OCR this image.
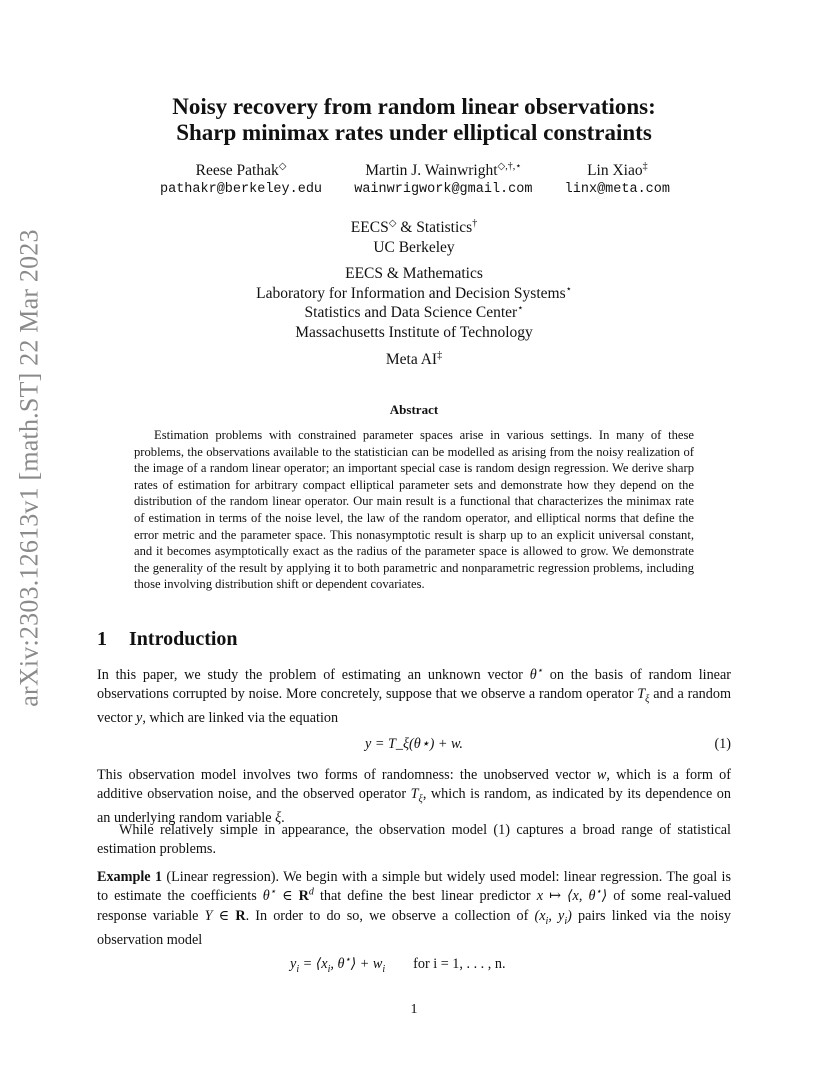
arXiv:2303.12613v1 [math.ST] 22 Mar 2023
Noisy recovery from random linear observations:
Sharp minimax rates under elliptical constraints
Reese Pathak◇
pathakr@berkeley.edu
Martin J. Wainwright◇,†,⋆
wainwrigwork@gmail.com
Lin Xiao‡
linx@meta.com
EECS◇ & Statistics†
UC Berkeley
EECS & Mathematics
Laboratory for Information and Decision Systems⋆
Statistics and Data Science Center⋆
Massachusetts Institute of Technology
Meta AI‡
Abstract

Estimation problems with constrained parameter spaces arise in various settings. In many of these problems, the observations available to the statistician can be modelled as arising from the noisy realization of the image of a random linear operator; an important special case is random design regression. We derive sharp rates of estimation for arbitrary compact elliptical parameter sets and demonstrate how they depend on the distribution of the random linear operator. Our main result is a functional that characterizes the minimax rate of estimation in terms of the noise level, the law of the random operator, and elliptical norms that define the error metric and the parameter space. This nonasymptotic result is sharp up to an explicit universal constant, and it becomes asymptotically exact as the radius of the parameter space is allowed to grow. We demonstrate the generality of the result by applying it to both parametric and nonparametric regression problems, including those involving distribution shift or dependent covariates.

1 Introduction

In this paper, we study the problem of estimating an unknown vector θ⋆ on the basis of random linear observations corrupted by noise. More concretely, suppose that we observe a random operator $T_\xi$ and a random vector y, which are linked via the equation

y = T_ξ(θ⋆) + w.	(1)

This observation model involves two forms of randomness: the unobserved vector w, which is a form of additive observation noise, and the observed operator $T_\xi$, which is random, as indicated by its dependence on an underlying random variable ξ.

While relatively simple in appearance, the observation model (1) captures a broad range of statistical estimation problems.

Example 1 (Linear regression). We begin with a simple but widely used model: linear regression. The goal is to estimate the coefficients θ⋆ ∈ $R^d$ that define the best linear predictor x ↦ ⟨x, θ⋆⟩ of some real-valued response variable Y ∈ R. In order to do so, we observe a collection of ($x_i$, $y_i$) pairs linked via the noisy observation model

$y_i$ = $⟨x_i$, θ⋆⟩ + $w_i$ for i = 1, . . . , n.
1
